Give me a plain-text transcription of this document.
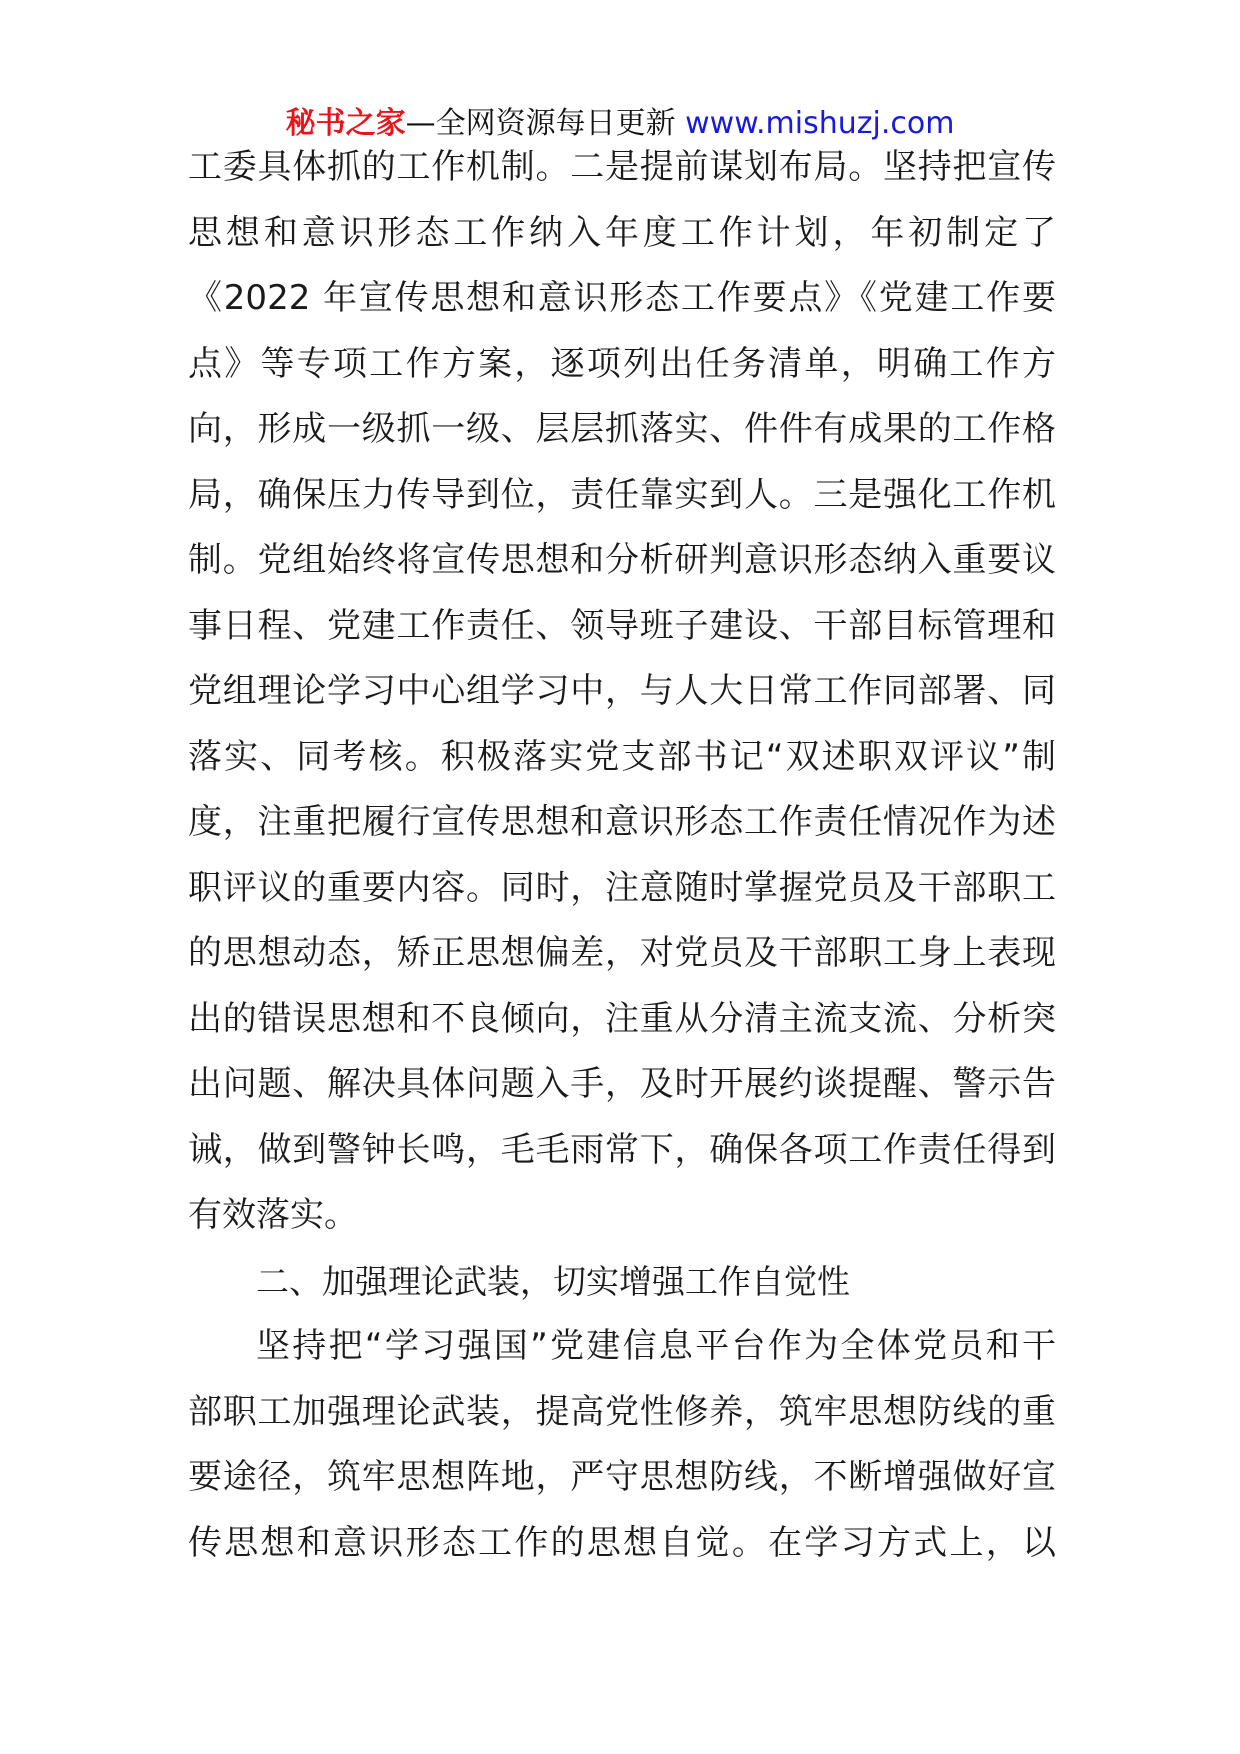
秘书之家—全网资源每日更新 www.mishuzj.com
工委具体抓的工作机制。二是提前谋划布局。坚持把宣传
思想和意识形态工作纳入年度工作计划，年初制定了
《2022 年宣传思想和意识形态工作要点》《党建工作要
点》等专项工作方案，逐项列出任务清单，明确工作方
向，形成一级抓一级、层层抓落实、件件有成果的工作格
局，确保压力传导到位，责任靠实到人。三是强化工作机
制。党组始终将宣传思想和分析研判意识形态纳入重要议
事日程、党建工作责任、领导班子建设、干部目标管理和
党组理论学习中心组学习中，与人大日常工作同部署、同
落实、同考核。积极落实党支部书记“双述职双评议”制
度，注重把履行宣传思想和意识形态工作责任情况作为述
职评议的重要内容。同时，注意随时掌握党员及干部职工
的思想动态，矫正思想偏差，对党员及干部职工身上表现
出的错误思想和不良倾向，注重从分清主流支流、分析突
出问题、解决具体问题入手，及时开展约谈提醒、警示告
诫，做到警钟长鸣，毛毛雨常下，确保各项工作责任得到
有效落实。
二、加强理论武装，切实增强工作自觉性
坚持把“学习强国”党建信息平台作为全体党员和干
部职工加强理论武装，提高党性修养，筑牢思想防线的重
要途径，筑牢思想阵地，严守思想防线，不断增强做好宣
传思想和意识形态工作的思想自觉。在学习方式上，以
